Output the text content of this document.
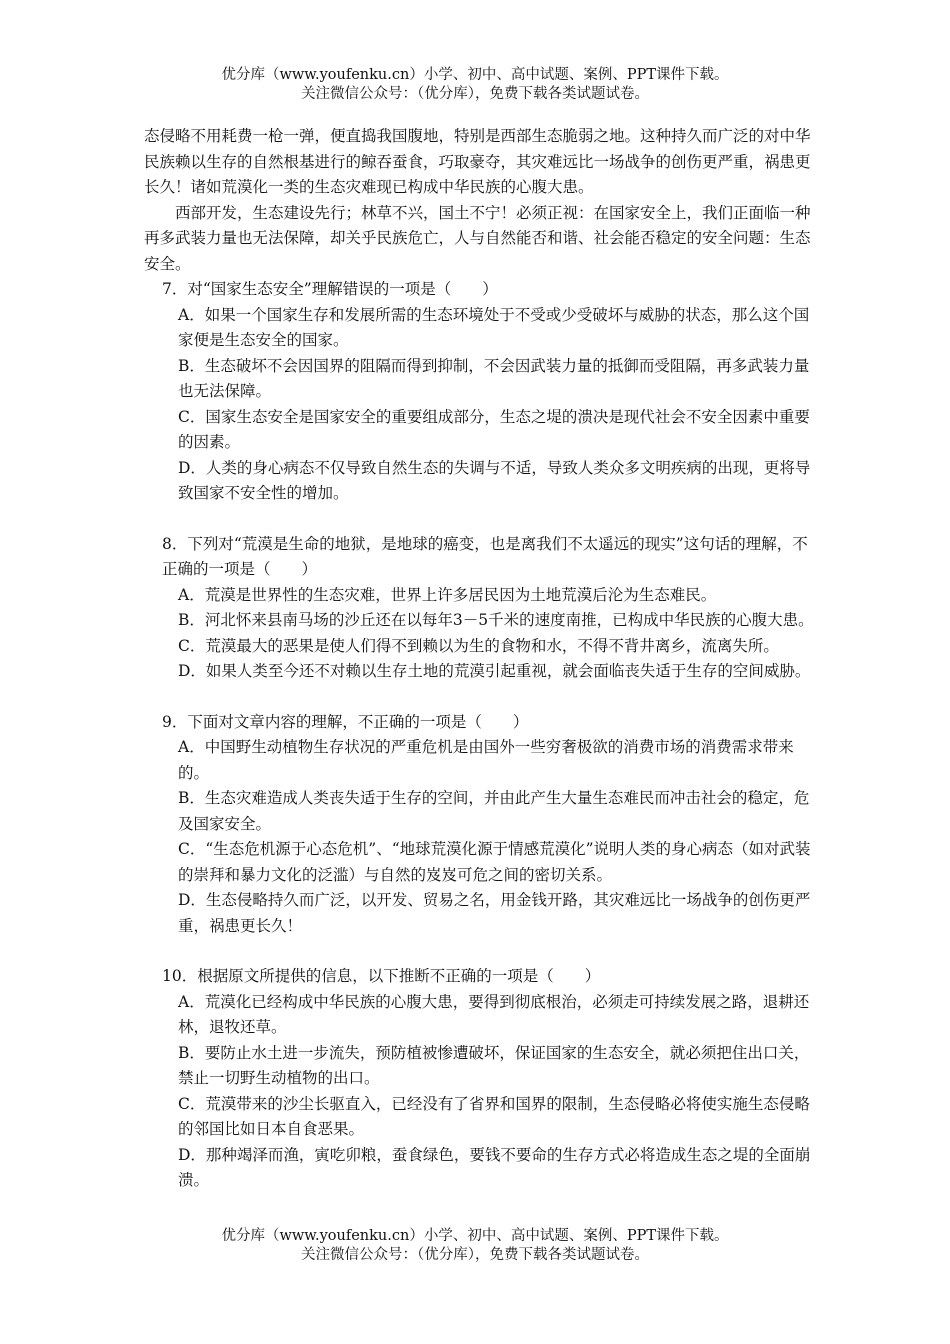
优分库（www.youfenku.cn）小学、初中、高中试题、案例、PPT课件下载。
关注微信公众号：（优分库），免费下载各类试题试卷。

态侵略不用耗费一枪一弹，便直捣我国腹地，特别是西部生态脆弱之地。这种持久而广泛的对中华民族赖以生存的自然根基进行的鲸吞蚕食，巧取豪夺，其灾难远比一场战争的创伤更严重，祸患更长久！诸如荒漠化一类的生态灾难现已构成中华民族的心腹大患。

西部开发，生态建设先行；林草不兴，国土不宁！必须正视：在国家安全上，我们正面临一种再多武装力量也无法保障，却关乎民族危亡，人与自然能否和谐、社会能否稳定的安全问题：生态安全。

7．对“国家生态安全”理解错误的一项是（　　）

A．如果一个国家生存和发展所需的生态环境处于不受或少受破坏与威胁的状态，那么这个国家便是生态安全的国家。

B．生态破坏不会因国界的阻隔而得到抑制，不会因武装力量的抵御而受阻隔，再多武装力量也无法保障。

C．国家生态安全是国家安全的重要组成部分，生态之堤的溃决是现代社会不安全因素中重要的因素。

D．人类的身心病态不仅导致自然生态的失调与不适，导致人类众多文明疾病的出现，更将导致国家不安全性的增加。

8．下列对“荒漠是生命的地狱，是地球的癌变，也是离我们不太遥远的现实”这句话的理解，不正确的一项是（　　）

A．荒漠是世界性的生态灾难，世界上许多居民因为土地荒漠后沦为生态难民。

B．河北怀来县南马场的沙丘还在以每年3－5千米的速度南推，已构成中华民族的心腹大患。

C．荒漠最大的恶果是使人们得不到赖以为生的食物和水，不得不背井离乡，流离失所。

D．如果人类至今还不对赖以生存土地的荒漠引起重视，就会面临丧失适于生存的空间威胁。

9．下面对文章内容的理解，不正确的一项是（　　）

A．中国野生动植物生存状况的严重危机是由国外一些穷奢极欲的消费市场的消费需求带来的。

B．生态灾难造成人类丧失适于生存的空间，并由此产生大量生态难民而冲击社会的稳定，危及国家安全。

C．“生态危机源于心态危机”、“地球荒漠化源于情感荒漠化”说明人类的身心病态（如对武装的崇拜和暴力文化的泛滥）与自然的岌岌可危之间的密切关系。

D．生态侵略持久而广泛，以开发、贸易之名，用金钱开路，其灾难远比一场战争的创伤更严重，祸患更长久！

10．根据原文所提供的信息，以下推断不正确的一项是（　　）

A．荒漠化已经构成中华民族的心腹大患，要得到彻底根治，必须走可持续发展之路，退耕还林，退牧还草。

B．要防止水土进一步流失，预防植被惨遭破坏，保证国家的生态安全，就必须把住出口关，禁止一切野生动植物的出口。

C．荒漠带来的沙尘长驱直入，已经没有了省界和国界的限制，生态侵略必将使实施生态侵略的邻国比如日本自食恶果。

D．那种竭泽而渔，寅吃卯粮，蚕食绿色，要钱不要命的生存方式必将造成生态之堤的全面崩溃。

优分库（www.youfenku.cn）小学、初中、高中试题、案例、PPT课件下载。
关注微信公众号：（优分库），免费下载各类试题试卷。
